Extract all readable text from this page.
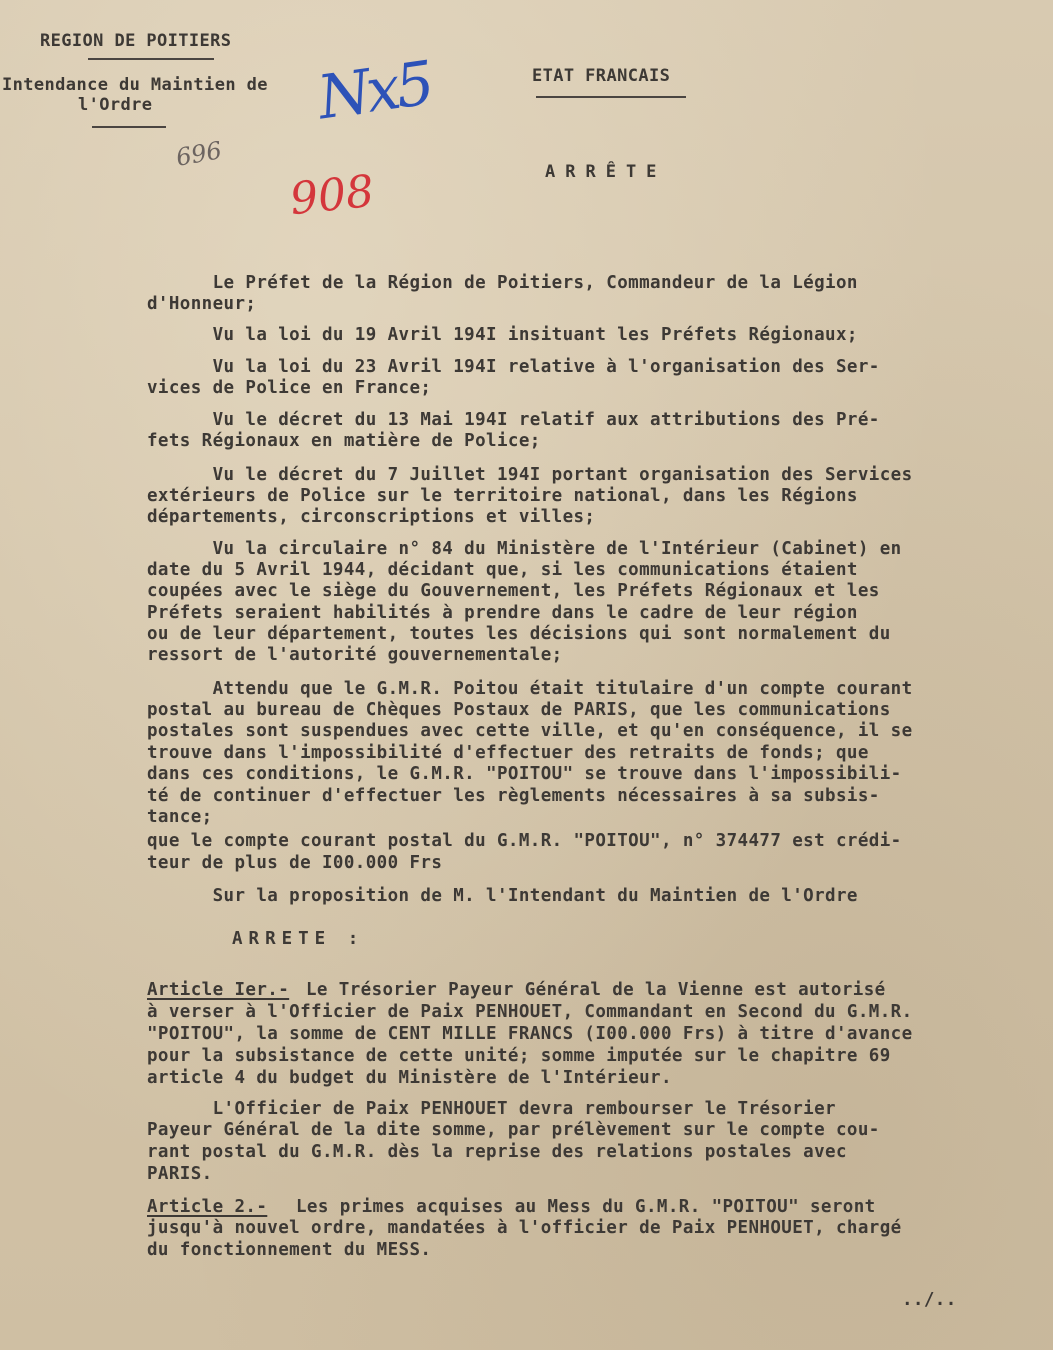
REGION DE POITIERS
Intendance du Maintien de
l'Ordre
ETAT FRANCAIS
ARRÊTE
Nx5
696
908
Le Préfet de la Région de Poitiers, Commandeur de la Légion
d'Honneur;
Vu la loi du 19 Avril 194I insituant les Préfets Régionaux;
Vu la loi du 23 Avril 194I relative à l'organisation des Ser-
vices de Police en France;
Vu le décret du 13 Mai 194I relatif aux attributions des Pré-
fets Régionaux en matière de Police;
Vu le décret du 7 Juillet 194I portant organisation des Services
extérieurs de Police sur le territoire national, dans les Régions
départements, circonscriptions et villes;
Vu la circulaire n° 84 du Ministère de l'Intérieur (Cabinet) en
date du 5 Avril 1944, décidant que, si les communications étaient
coupées avec le siège du Gouvernement, les Préfets Régionaux et les
Préfets seraient habilités à prendre dans le cadre de leur région
ou de leur département, toutes les décisions qui sont normalement du
ressort de l'autorité gouvernementale;
Attendu que le G.M.R. Poitou était titulaire d'un compte courant
postal au bureau de Chèques Postaux de PARIS, que les communications
postales sont suspendues avec cette ville, et qu'en conséquence, il se
trouve dans l'impossibilité d'effectuer des retraits de fonds; que
dans ces conditions, le G.M.R. "POITOU" se trouve dans l'impossibili-
té de continuer d'effectuer les règlements nécessaires à sa subsis-
tance;
que le compte courant postal du G.M.R. "POITOU", n° 374477 est crédi-
teur de plus de I00.000 Frs
Sur la proposition de M. l'Intendant du Maintien de l'Ordre
ARRETE :
Article Ier.- Le Trésorier Payeur Général de la Vienne est autorisé
à verser à l'Officier de Paix PENHOUET, Commandant en Second du G.M.R.
"POITOU", la somme de CENT MILLE FRANCS (I00.000 Frs) à titre d'avance
pour la subsistance de cette unité; somme imputée sur le chapitre 69
article 4 du budget du Ministère de l'Intérieur.
L'Officier de Paix PENHOUET devra rembourser le Trésorier
Payeur Général de la dite somme, par prélèvement sur le compte cou-
rant postal du G.M.R. dès la reprise des relations postales avec
PARIS.
Article 2.- Les primes acquises au Mess du G.M.R. "POITOU" seront
jusqu'à nouvel ordre, mandatées à l'officier de Paix PENHOUET, chargé
du fonctionnement du MESS.
../..
